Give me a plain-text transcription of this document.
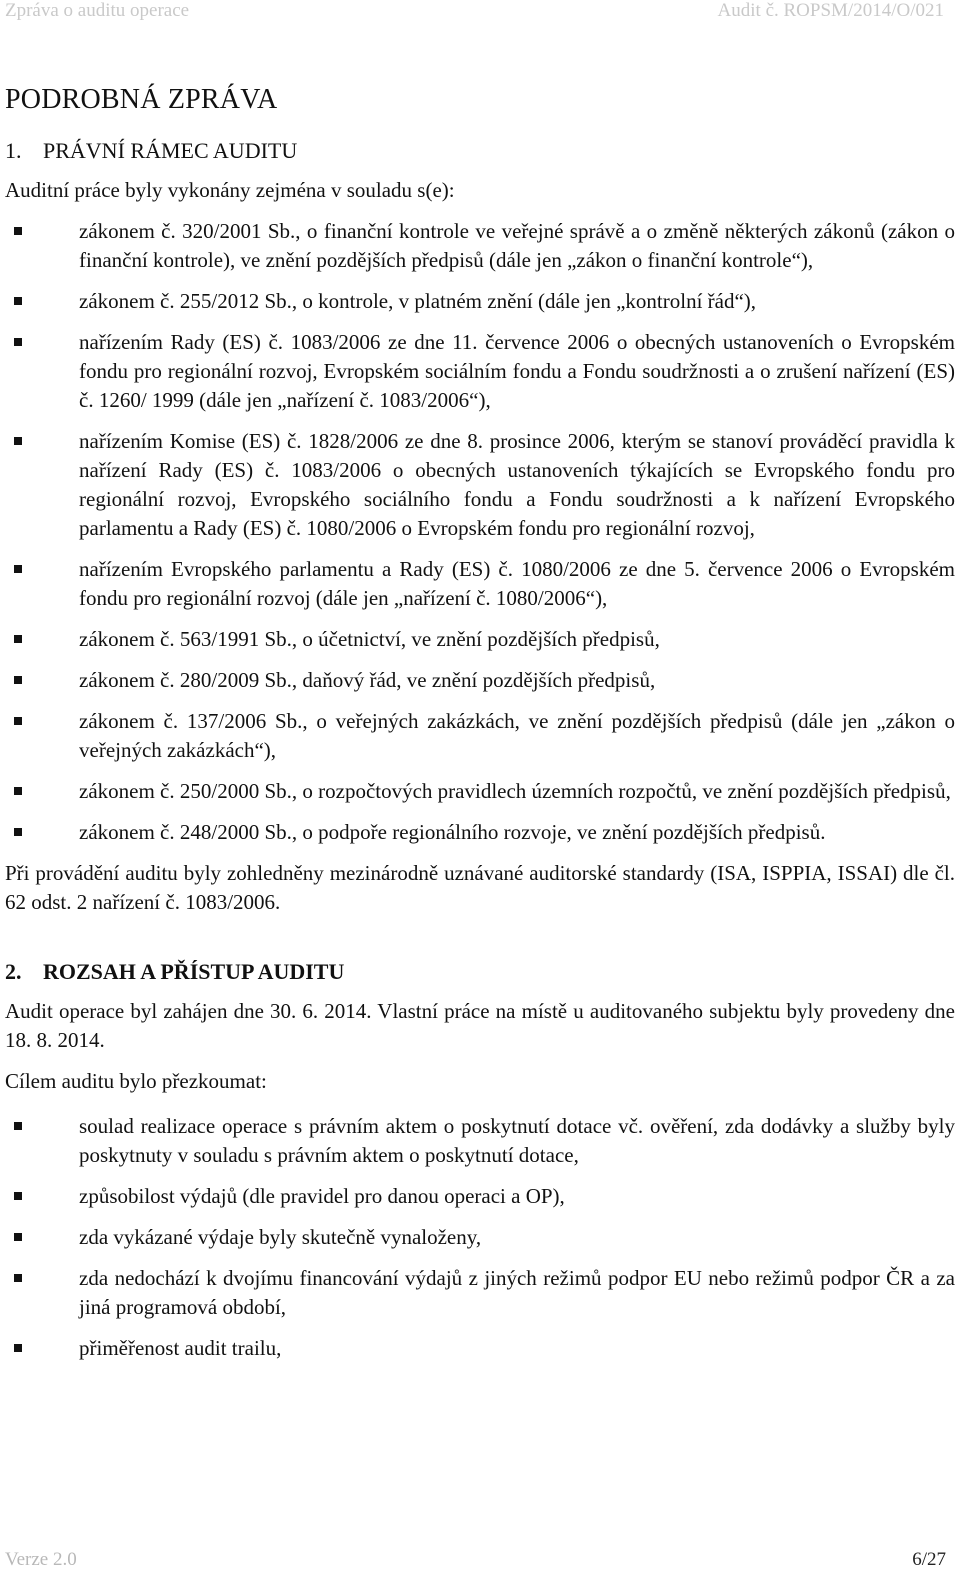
Zpráva o auditu operace	Audit č. ROPSM/2014/O/021
PODROBNÁ ZPRÁVA
1. PRÁVNÍ RÁMEC AUDITU

Auditní práce byly vykonány zejména v souladu s(e):

zákonem č. 320/2001 Sb., o finanční kontrole ve veřejné správě a o změně některých zákonů (zákon o finanční kontrole), ve znění pozdějších předpisů (dále jen „zákon o finanční kontrole“),
zákonem č. 255/2012 Sb., o kontrole, v platném znění (dále jen „kontrolní řád“),
nařízením Rady (ES) č. 1083/2006 ze dne 11. července 2006 o obecných ustanoveních o Evropském fondu pro regionální rozvoj, Evropském sociálním fondu a Fondu soudržnosti a o zrušení nařízení (ES) č. 1260/ 1999 (dále jen „nařízení č. 1083/2006“),
nařízením Komise (ES) č. 1828/2006 ze dne 8. prosince 2006, kterým se stanoví prováděcí pravidla k nařízení Rady (ES) č. 1083/2006 o obecných ustanoveních týkajících se Evropského fondu pro regionální rozvoj, Evropského sociálního fondu a Fondu soudržnosti a k nařízení Evropského parlamentu a Rady (ES) č. 1080/2006 o Evropském fondu pro regionální rozvoj,
nařízením Evropského parlamentu a Rady (ES) č. 1080/2006 ze dne 5. července 2006 o Evropském fondu pro regionální rozvoj (dále jen „nařízení č. 1080/2006“),
zákonem č. 563/1991 Sb., o účetnictví, ve znění pozdějších předpisů,
zákonem č. 280/2009 Sb., daňový řád, ve znění pozdějších předpisů,
zákonem č. 137/2006 Sb., o veřejných zakázkách, ve znění pozdějších předpisů (dále jen „zákon o veřejných zakázkách“),
zákonem č. 250/2000 Sb., o rozpočtových pravidlech územních rozpočtů, ve znění pozdějších předpisů,
zákonem č. 248/2000 Sb., o podpoře regionálního rozvoje, ve znění pozdějších předpisů.

Při provádění auditu byly zohledněny mezinárodně uznávané auditorské standardy (ISA, ISPPIA, ISSAI) dle čl. 62 odst. 2 nařízení č. 1083/2006.

2. ROZSAH A PŘÍSTUP AUDITU

Audit operace byl zahájen dne 30. 6. 2014. Vlastní práce na místě u auditovaného subjektu byly provedeny dne 18. 8. 2014.

Cílem auditu bylo přezkoumat:

soulad realizace operace s právním aktem o poskytnutí dotace vč. ověření, zda dodávky a služby byly poskytnuty v souladu s právním aktem o poskytnutí dotace,
způsobilost výdajů (dle pravidel pro danou operaci a OP),
zda vykázané výdaje byly skutečně vynaloženy,
zda nedochází k dvojímu financování výdajů z jiných režimů podpor EU nebo režimů podpor ČR a za jiná programová období,
přiměřenost audit trailu,
Verze 2.0	6/27
